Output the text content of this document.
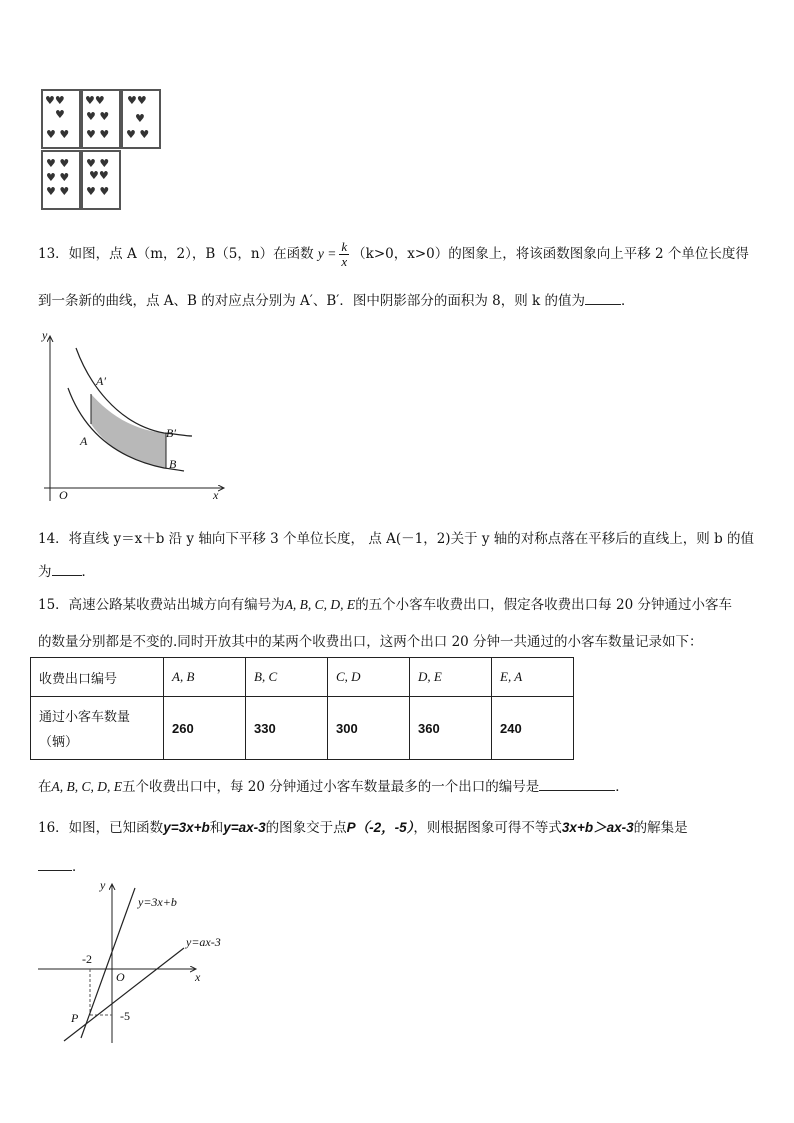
♥♥
♥
♥ ♥
♥♥
♥ ♥
♥ ♥
♥♥
♥
♥ ♥
♥ ♥
♥ ♥
♥ ♥
♥ ♥
♥♥
♥ ♥
13．如图，点 A（m，2），B（5，n）在函数 $y = \frac{k}{x} (k>0$，x>0）的图象上，将该函数图象向上平移 2 个单位长度得
到一条新的曲线，点 A、B 的对应点分别为 A′、B′．图中阴影部分的面积为 8，则 k 的值为	．
y
A′
A
B′
B
O	x
14．将直线 y＝x＋b 沿 y 轴向下平移 3 个单位长度， 点 A(－1，2)关于 y 轴的对称点落在平移后的直线上，则 b 的值
为 ．
15．高速公路某收费站出城方向有编号为A, B, C, D, E的五个小客车收费出口，假定各收费出口每 20 分钟通过小客车
的数量分别都是不变的.同时开放其中的某两个收费出口，这两个出口 20 分钟一共通过的小客车数量记录如下：
收费出口编号	A, B	B, C	C, D	D, E	E, A

通过小客车数量
（辆）	260	330	300	360	240
在A, B, C, D, E五个收费出口中，每 20 分钟通过小客车数量最多的一个出口的编号是	．
16．如图，已知函数y=3x+b和y=ax-3的图象交于点P（-2，-5），则根据图象可得不等式3x+b＞ax-3的解集是
．
y
y=3x+b
y=ax-3
-2
O	x
-5
P
